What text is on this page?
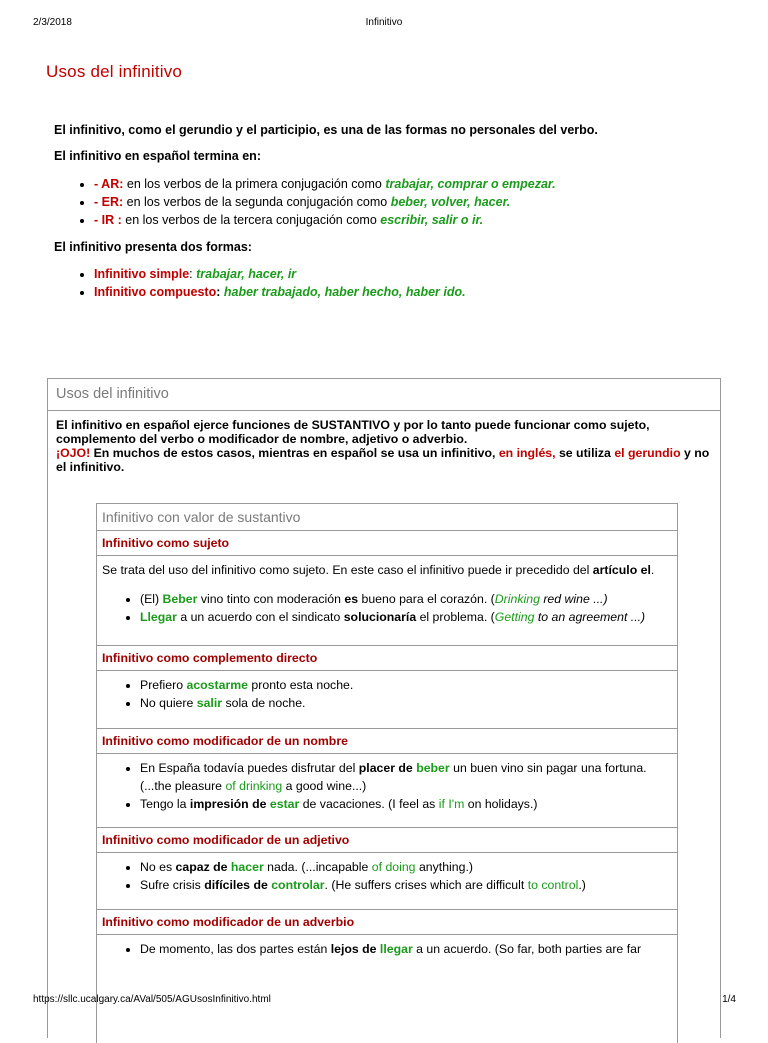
2/3/2018	Infinitivo
Usos del infinitivo

El infinitivo, como el gerundio y el participio, es una de las formas no personales del verbo.

El infinitivo en español termina en:

• - AR: en los verbos de la primera conjugación como trabajar, comprar o empezar.
• - ER: en los verbos de la segunda conjugación como beber, volver, hacer.
• - IR : en los verbos de la tercera conjugación como escribir, salir o ir.

El infinitivo presenta dos formas:

• Infinitivo simple: trabajar, hacer, ir
• Infinitivo compuesto: haber trabajado, haber hecho, haber ido.
Usos del infinitivo
El infinitivo en español ejerce funciones de SUSTANTIVO y por lo tanto puede funcionar como sujeto, complemento del verbo o modificador de nombre, adjetivo o adverbio.
¡OJO! En muchos de estos casos, mientras en español se usa un infinitivo, en inglés, se utiliza el gerundio y no el infinitivo.
Infinitivo con valor de sustantivo
Infinitivo como sujeto

Se trata del uso del infinitivo como sujeto. En este caso el infinitivo puede ir precedido del artículo el.

• (El) Beber vino tinto con moderación es bueno para el corazón. (Drinking red wine ...)
• Llegar a un acuerdo con el sindicato solucionaría el problema. (Getting to an agreement ...)
Infinitivo como complemento directo
• Prefiero acostarme pronto esta noche.
• No quiere salir sola de noche.
Infinitivo como modificador de un nombre
• En España todavía puedes disfrutar del placer de beber un buen vino sin pagar una fortuna. (...the pleasure of drinking a good wine...)
• Tengo la impresión de estar de vacaciones. (I feel as if I'm on holidays.)
Infinitivo como modificador de un adjetivo
• No es capaz de hacer nada. (...incapable of doing anything.)
• Sufre crisis difíciles de controlar. (He suffers crises which are difficult to control.)
Infinitivo como modificador de un adverbio
• De momento, las dos partes están lejos de llegar a un acuerdo. (So far, both parties are far
https://sllc.ucalgary.ca/AVal/505/AGUsosInfinitivo.html	1/4
